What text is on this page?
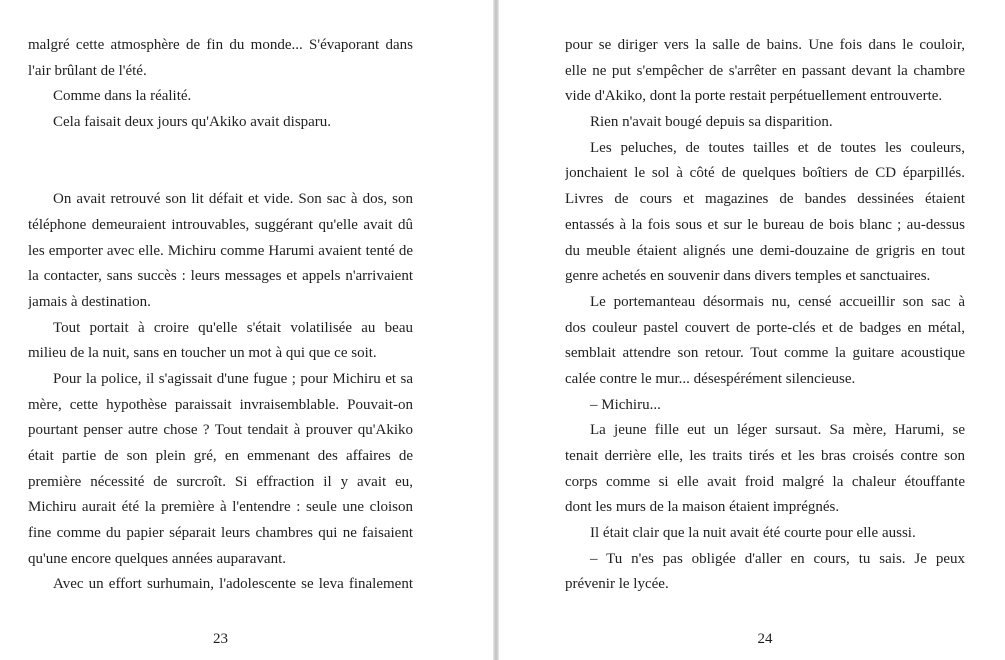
malgré cette atmosphère de fin du monde... S'évaporant dans
l'air brûlant de l'été.
Comme dans la réalité.
Cela faisait deux jours qu'Akiko avait disparu.
On avait retrouvé son lit défait et vide. Son sac à dos, son
téléphone demeuraient introuvables, suggérant qu'elle avait dû
les emporter avec elle. Michiru comme Harumi avaient tenté de
la contacter, sans succès : leurs messages et appels n'arrivaient
jamais à destination.
Tout portait à croire qu'elle s'était volatilisée au beau
milieu de la nuit, sans en toucher un mot à qui que ce soit.
Pour la police, il s'agissait d'une fugue ; pour Michiru et sa
mère, cette hypothèse paraissait invraisemblable. Pouvait-on
pourtant penser autre chose ? Tout tendait à prouver qu'Akiko
était partie de son plein gré, en emmenant des affaires de
première nécessité de surcroît. Si effraction il y avait eu,
Michiru aurait été la première à l'entendre : seule une cloison
fine comme du papier séparait leurs chambres qui ne faisaient
qu'une encore quelques années auparavant.
Avec un effort surhumain, l'adolescente se leva finalement
23
pour se diriger vers la salle de bains. Une fois dans le couloir,
elle ne put s'empêcher de s'arrêter en passant devant la chambre
vide d'Akiko, dont la porte restait perpétuellement entrouverte.
Rien n'avait bougé depuis sa disparition.
Les peluches, de toutes tailles et de toutes les couleurs,
jonchaient le sol à côté de quelques boîtiers de CD éparpillés.
Livres de cours et magazines de bandes dessinées étaient
entassés à la fois sous et sur le bureau de bois blanc ; au-dessus
du meuble étaient alignés une demi-douzaine de grigris en tout
genre achetés en souvenir dans divers temples et sanctuaires.
Le portemanteau désormais nu, censé accueillir son sac à
dos couleur pastel couvert de porte-clés et de badges en métal,
semblait attendre son retour. Tout comme la guitare acoustique
calée contre le mur... désespérément silencieuse.
– Michiru...
La jeune fille eut un léger sursaut. Sa mère, Harumi, se
tenait derrière elle, les traits tirés et les bras croisés contre son
corps comme si elle avait froid malgré la chaleur étouffante
dont les murs de la maison étaient imprégnés.
Il était clair que la nuit avait été courte pour elle aussi.
– Tu n'es pas obligée d'aller en cours, tu sais. Je peux
prévenir le lycée.
24
